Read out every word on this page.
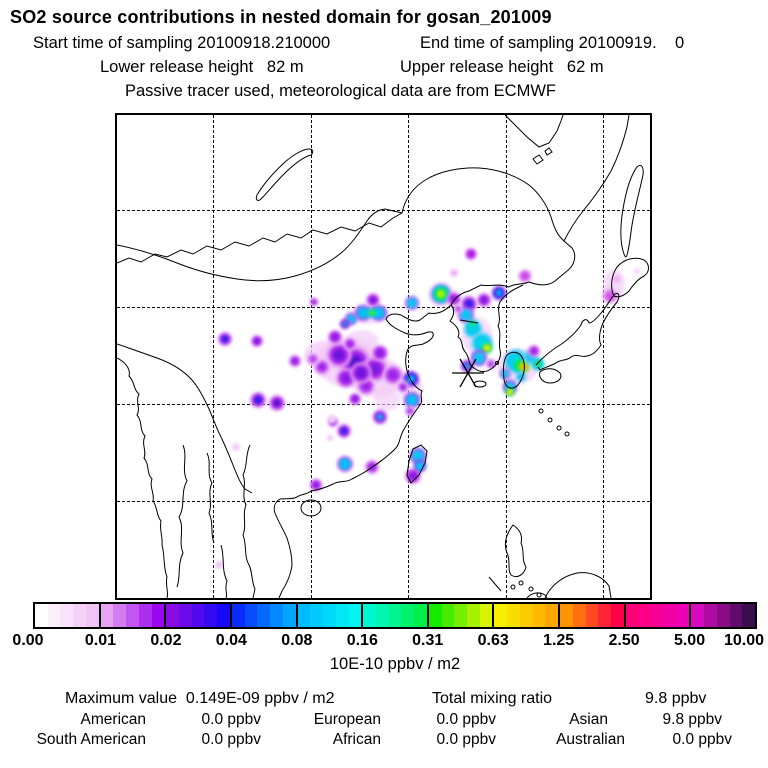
SO2 source contributions in nested domain for gosan_201009
Start time of sampling 20100918.210000	End time of sampling 20100919.    0
Lower release height   82 m	Upper release height   62 m
Passive tracer used, meteorological data are from ECMWF
0.00	0.01 0.02 0.04 0.08 0.16 0.31 0.63 1.25 2.50 5.00 10.00
10E-10 ppbv / m2
Maximum value  0.149E-09 ppbv / m2	Total mixing ratio	9.8 ppbv
American	0.0 ppbv	European	0.0 ppbv	Asian	9.8 ppbv
South American	0.0 ppbv	African	0.0 ppbv	Australian	0.0 ppbv
